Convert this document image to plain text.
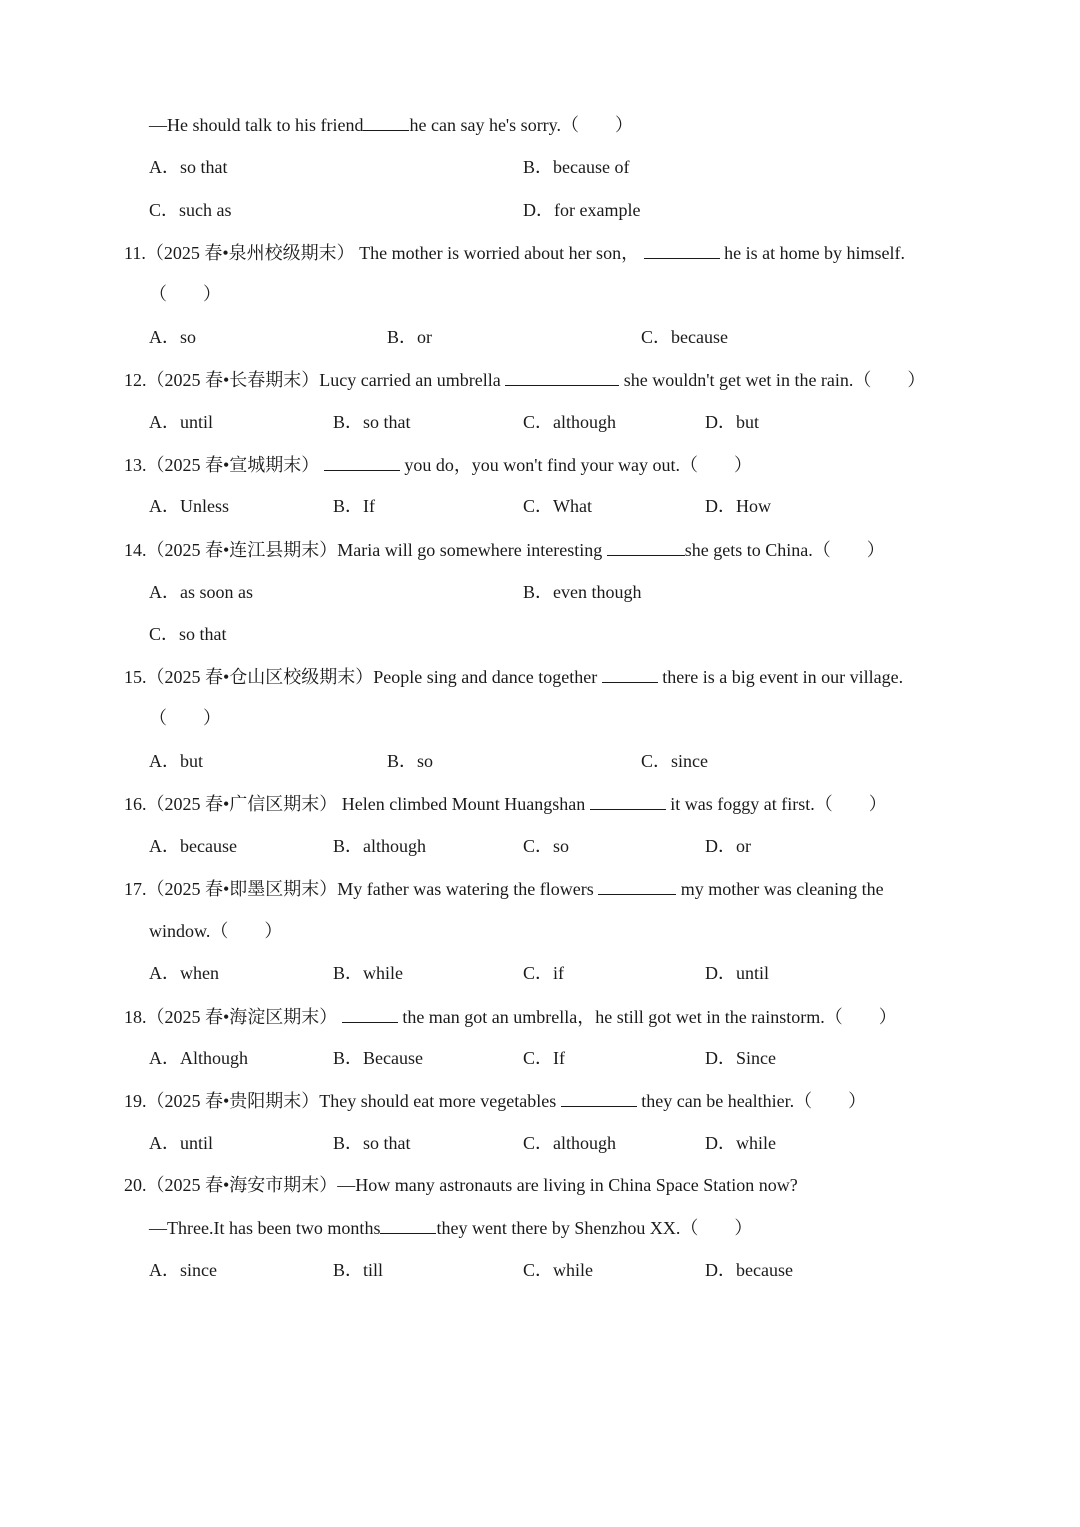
—He should talk to his friend	he can say he's sorry.（　　）
A．so that	B．because of
C．such as	D．for example
11.（2025 春•泉州校级期末） The mother is worried about her son，	he is at home by himself.
（　　）
A．so	B．or	C．because
12.（2025 春•长春期末）Lucy carried an umbrella	she wouldn't get wet in the rain.（　　）
A．until	B．so that	C．although	D．but
13.（2025 春•宣城期末）	you do，you won't find your way out.（　　）
A．Unless	B．If	C．What	D．How
14.（2025 春•连江县期末）Maria will go somewhere interesting	she gets to China.（　　）
A．as soon as	B．even though
C．so that
15.（2025 春•仓山区校级期末）People sing and dance together	there is a big event in our village.
（　　）
A．but	B．so	C．since
16.（2025 春•广信区期末） Helen climbed Mount Huangshan	it was foggy at first.（　　）
A．because	B．although	C．so	D．or
17.（2025 春•即墨区期末）My father was watering the flowers	my mother was cleaning the
window.（　　）
A．when	B．while	C．if	D．until
18.（2025 春•海淀区期末）	the man got an umbrella，he still got wet in the rainstorm.（　　）
A．Although	B．Because	C．If	D．Since
19.（2025 春•贵阳期末）They should eat more vegetables	they can be healthier.（　　）
A．until	B．so that	C．although	D．while
20.（2025 春•海安市期末）—How many astronauts are living in China Space Station now?
—Three.It has been two months	they went there by Shenzhou XX.（　　）
A．since	B．till	C．while	D．because
